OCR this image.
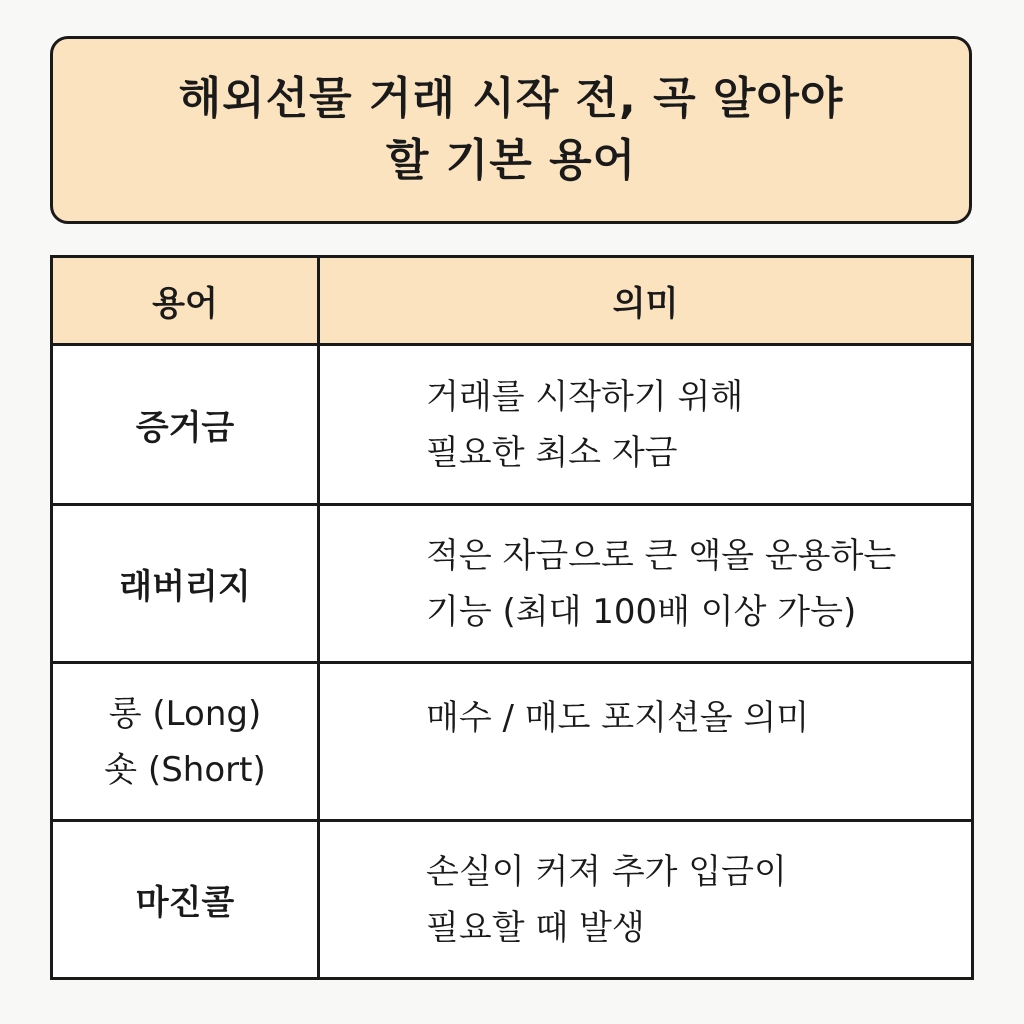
해외선물 거래 시작 전, 곡 알아야
할 기본 용어
용어	의미
증거금
거래를 시작하기 위해
필요한 최소 자금
래버리지
적은 자금으로 큰 액올 운용하는
기능 (최대 100배 이상 가능)
롱 (Long)
숏 (Short)
매수 / 매도 포지션올 의미
마진콜
손실이 커져 추가 입금이
필요할 때 발생
